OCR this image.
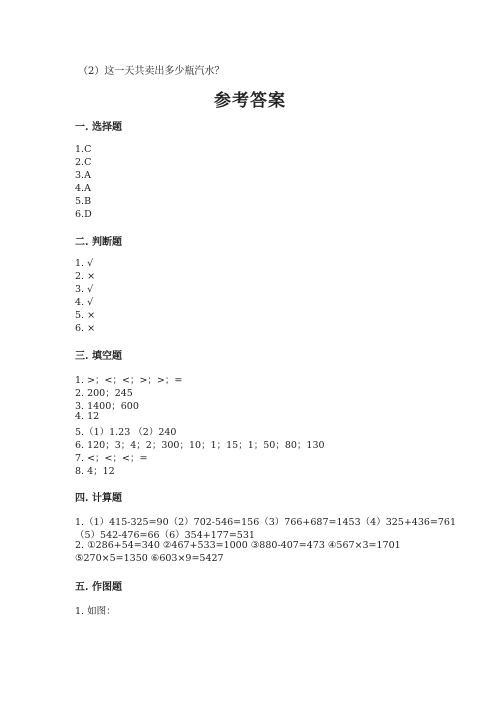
（2）这一天共卖出多少瓶汽水？
参考答案
一. 选择题
1.C
2.C
3.A
4.A
5.B
6.D
二. 判断题
1. √
2. ×
3. √
4. √
5. ×
6. ×
三. 填空题
1. >；<；<；>；>；=
2. 200；245
3. 1400；600
4. 12
5.（1）1.23 （2）240
6. 120；3；4；2；300；10；1；15；1；50；80；130
7. <；<；<；=
8. 4；12
四. 计算题
1.（1）415-325=90（2）702-546=156（3）766+687=1453（4）325+436=761
（5）542-476=66（6）354+177=531
2. ①286+54=340 ②467+533=1000 ③880-407=473 ④567×3=1701
⑤270×5=1350 ⑥603×9=5427
五. 作图题
1. 如图：
